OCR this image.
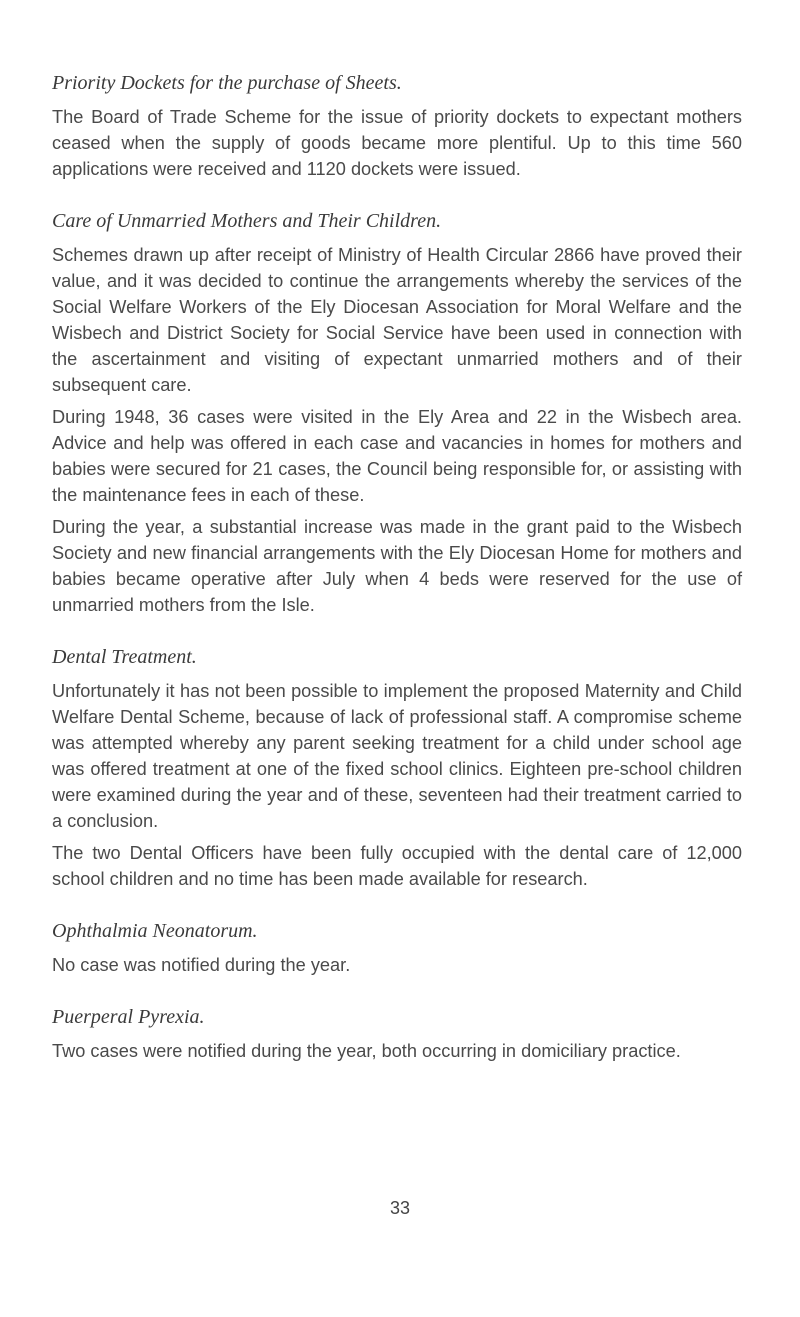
Priority Dockets for the purchase of Sheets.

The Board of Trade Scheme for the issue of priority dockets to expectant mothers ceased when the supply of goods became more plentiful. Up to this time 560 applications were received and 1120 dockets were issued.

Care of Unmarried Mothers and Their Children.

Schemes drawn up after receipt of Ministry of Health Circular 2866 have proved their value, and it was decided to continue the arrangements whereby the services of the Social Welfare Workers of the Ely Diocesan Association for Moral Welfare and the Wisbech and District Society for Social Service have been used in connection with the ascertainment and visiting of expectant unmarried mothers and of their subsequent care.

During 1948, 36 cases were visited in the Ely Area and 22 in the Wisbech area. Advice and help was offered in each case and vacancies in homes for mothers and babies were secured for 21 cases, the Council being responsible for, or assisting with the maintenance fees in each of these.

During the year, a substantial increase was made in the grant paid to the Wisbech Society and new financial arrangements with the Ely Diocesan Home for mothers and babies became operative after July when 4 beds were reserved for the use of unmarried mothers from the Isle.

Dental Treatment.

Unfortunately it has not been possible to implement the proposed Maternity and Child Welfare Dental Scheme, because of lack of professional staff. A compromise scheme was attempted whereby any parent seeking treatment for a child under school age was offered treatment at one of the fixed school clinics. Eighteen pre-school children were examined during the year and of these, seventeen had their treatment carried to a conclusion.

The two Dental Officers have been fully occupied with the dental care of 12,000 school children and no time has been made available for research.

Ophthalmia Neonatorum.

No case was notified during the year.

Puerperal Pyrexia.

Two cases were notified during the year, both occurring in domiciliary practice.

33
